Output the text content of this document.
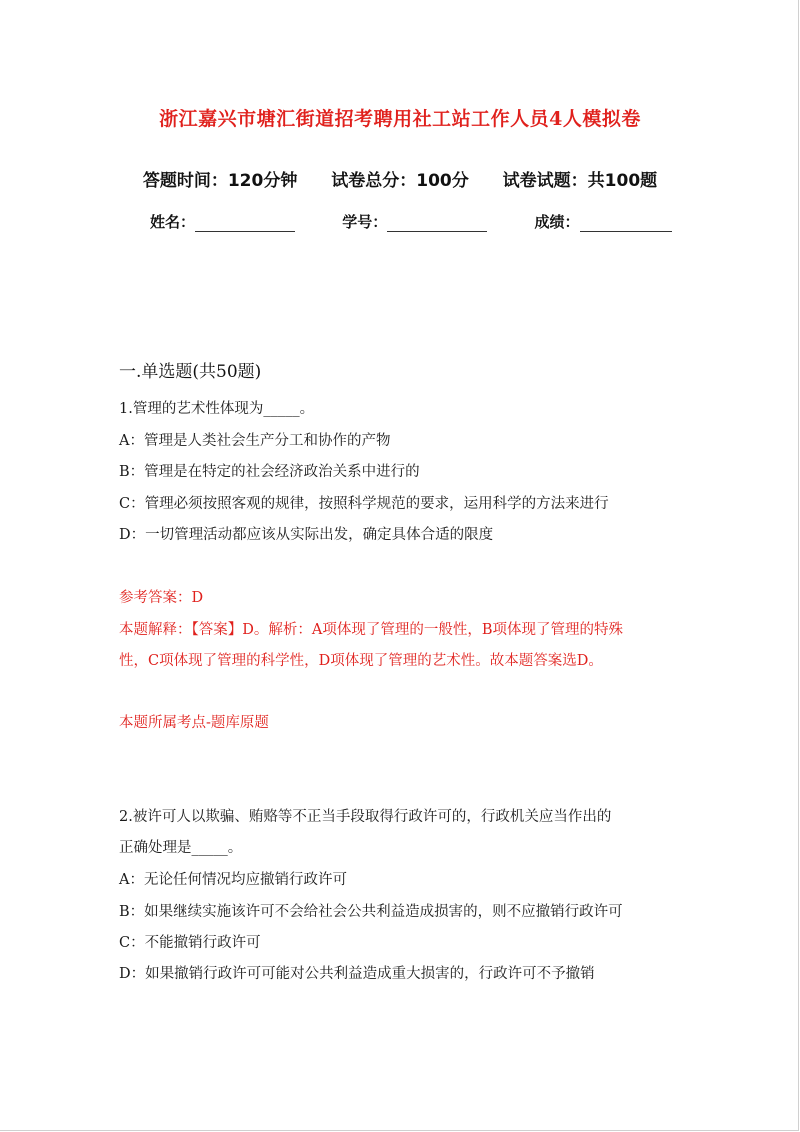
浙江嘉兴市塘汇街道招考聘用社工站工作人员4人模拟卷
答题时间：120分钟 试卷总分：100分 试卷试题：共100题
姓名：	学号：	成绩：
一.单选题(共50题)
1.管理的艺术性体现为_____。
A：管理是人类社会生产分工和协作的产物
B：管理是在特定的社会经济政治关系中进行的
C：管理必须按照客观的规律，按照科学规范的要求，运用科学的方法来进行
D：一切管理活动都应该从实际出发，确定具体合适的限度
参考答案：D
本题解释：【答案】D。解析：A项体现了管理的一般性，B项体现了管理的特殊
性，C项体现了管理的科学性，D项体现了管理的艺术性。故本题答案选D。
本题所属考点-题库原题
2.被许可人以欺骗、贿赂等不正当手段取得行政许可的，行政机关应当作出的
正确处理是_____。
A：无论任何情况均应撤销行政许可
B：如果继续实施该许可不会给社会公共利益造成损害的，则不应撤销行政许可
C：不能撤销行政许可
D：如果撤销行政许可可能对公共利益造成重大损害的，行政许可不予撤销
